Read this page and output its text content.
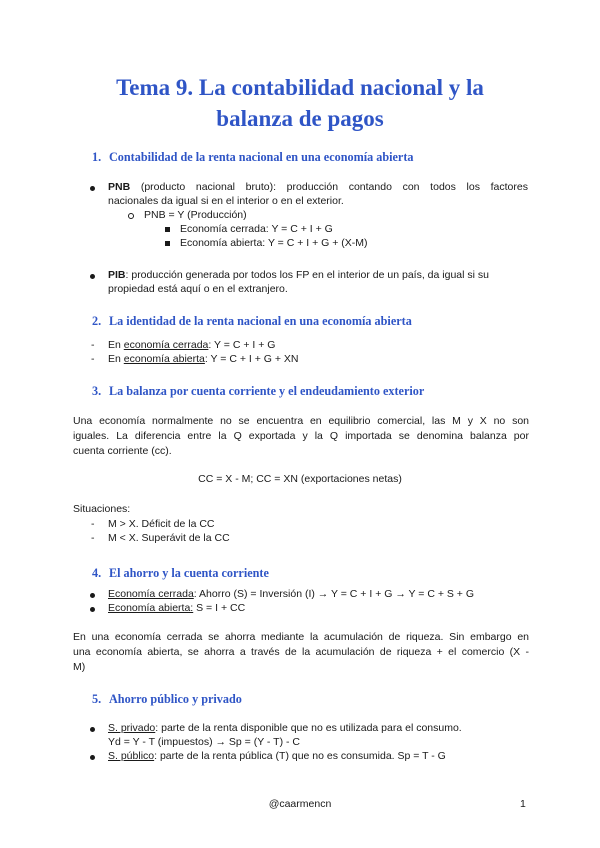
Tema 9. La contabilidad nacional y la
balanza de pagos
1. Contabilidad de la renta nacional en una economía abierta
PNB (producto nacional bruto): producción contando con todos los factores
nacionales da igual si en el interior o en el exterior.
PNB = Y (Producción)
Economía cerrada: Y = C + I + G
Economía abierta: Y = C + I + G + (X-M)
PIB: producción generada por todos los FP en el interior de un país, da igual si su
propiedad está aquí o en el extranjero.
2. La identidad de la renta nacional en una economía abierta
- En economía cerrada: Y = C + I + G
- En economía abierta: Y = C + I + G + XN
3. La balanza por cuenta corriente y el endeudamiento exterior
Una economía normalmente no se encuentra en equilibrio comercial, las M y X no son
iguales. La diferencia entre la Q exportada y la Q importada se denomina balanza por
cuenta corriente (cc).
CC = X - M; CC = XN (exportaciones netas)
Situaciones:
- M > X. Déficit de la CC
- M < X. Superávit de la CC
4. El ahorro y la cuenta corriente
Economía cerrada: Ahorro (S) = Inversión (I) → Y = C + I + G → Y = C + S + G
Economía abierta: S = I + CC
En una economía cerrada se ahorra mediante la acumulación de riqueza. Sin embargo en
una economía abierta, se ahorra a través de la acumulación de riqueza + el comercio (X -
M)
5. Ahorro público y privado
S. privado: parte de la renta disponible que no es utilizada para el consumo.
Yd = Y - T (impuestos) → Sp = (Y - T) - C
S. público: parte de la renta pública (T) que no es consumida. Sp = T - G
@caarmencn	1
